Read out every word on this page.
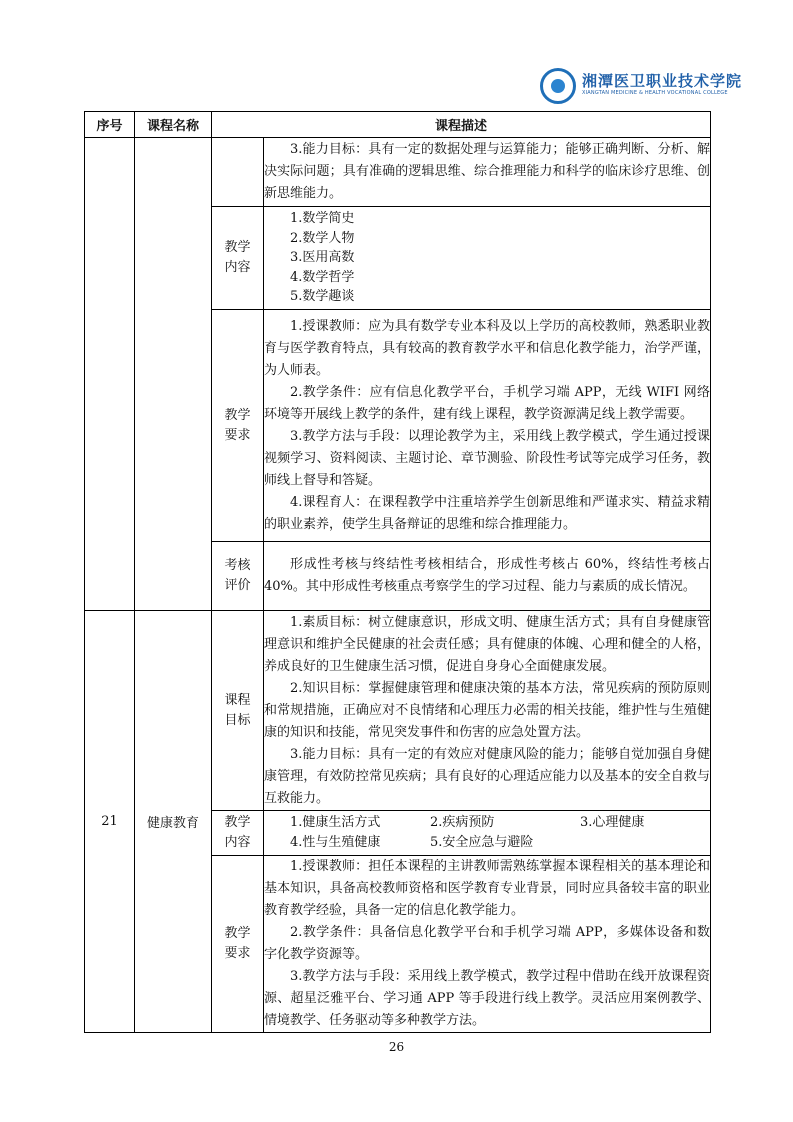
湘潭医卫职业技术学院
XIANGTAN MEDICINE & HEALTH VOCATIONAL COLLEGE
序号	课程名称	课程描述	

			3.能力目标：具有一定的数据处理与运算能力；能够正确判断、分析、解决实际问题；具有准确的逻辑思维、综合推理能力和科学的临床诊疗思维、创新思维能力。

		教学内容	1.数学简史

2.数学人物

3.医用高数

4.数学哲学

5.数学趣谈

		教学要求	1.授课教师：应为具有数学专业本科及以上学历的高校教师，熟悉职业教育与医学教育特点，具有较高的教育教学水平和信息化教学能力，治学严谨，为人师表。

2.教学条件：应有信息化教学平台，手机学习端 APP，无线 WIFI 网络环境等开展线上教学的条件，建有线上课程，教学资源满足线上教学需要。

3.教学方法与手段：以理论教学为主，采用线上教学模式，学生通过授课视频学习、资料阅读、主题讨论、章节测验、阶段性考试等完成学习任务，教师线上督导和答疑。

4.课程育人：在课程教学中注重培养学生创新思维和严谨求实、精益求精的职业素养，使学生具备辩证的思维和综合推理能力。

		考核评价	形成性考核与终结性考核相结合，形成性考核占 60%，终结性考核占 40%。其中形成性考核重点考察学生的学习过程、能力与素质的成长情况。

21	健康教育	课程目标	1.素质目标：树立健康意识，形成文明、健康生活方式；具有自身健康管理意识和维护全民健康的社会责任感；具有健康的体魄、心理和健全的人格，养成良好的卫生健康生活习惯，促进自身身心全面健康发展。

2.知识目标：掌握健康管理和健康决策的基本方法，常见疾病的预防原则和常规措施，正确应对不良情绪和心理压力必需的相关技能，维护性与生殖健康的知识和技能，常见突发事件和伤害的应急处置方法。

3.能力目标：具有一定的有效应对健康风险的能力；能够自觉加强自身健康管理，有效防控常见疾病；具有良好的心理适应能力以及基本的安全自救与互救能力。

		教学内容	1.健康生活方式 2.疾病预防 3.心理健康
4.性与生殖健康 5.安全应急与避险

		教学要求	1.授课教师：担任本课程的主讲教师需熟练掌握本课程相关的基本理论和基本知识，具备高校教师资格和医学教育专业背景，同时应具备较丰富的职业教育教学经验，具备一定的信息化教学能力。

2.教学条件：具备信息化教学平台和手机学习端 APP，多媒体设备和数字化教学资源等。

3.教学方法与手段：采用线上教学模式，教学过程中借助在线开放课程资源、超星泛雅平台、学习通 APP 等手段进行线上教学。灵活应用案例教学、情境教学、任务驱动等多种教学方法。

26
